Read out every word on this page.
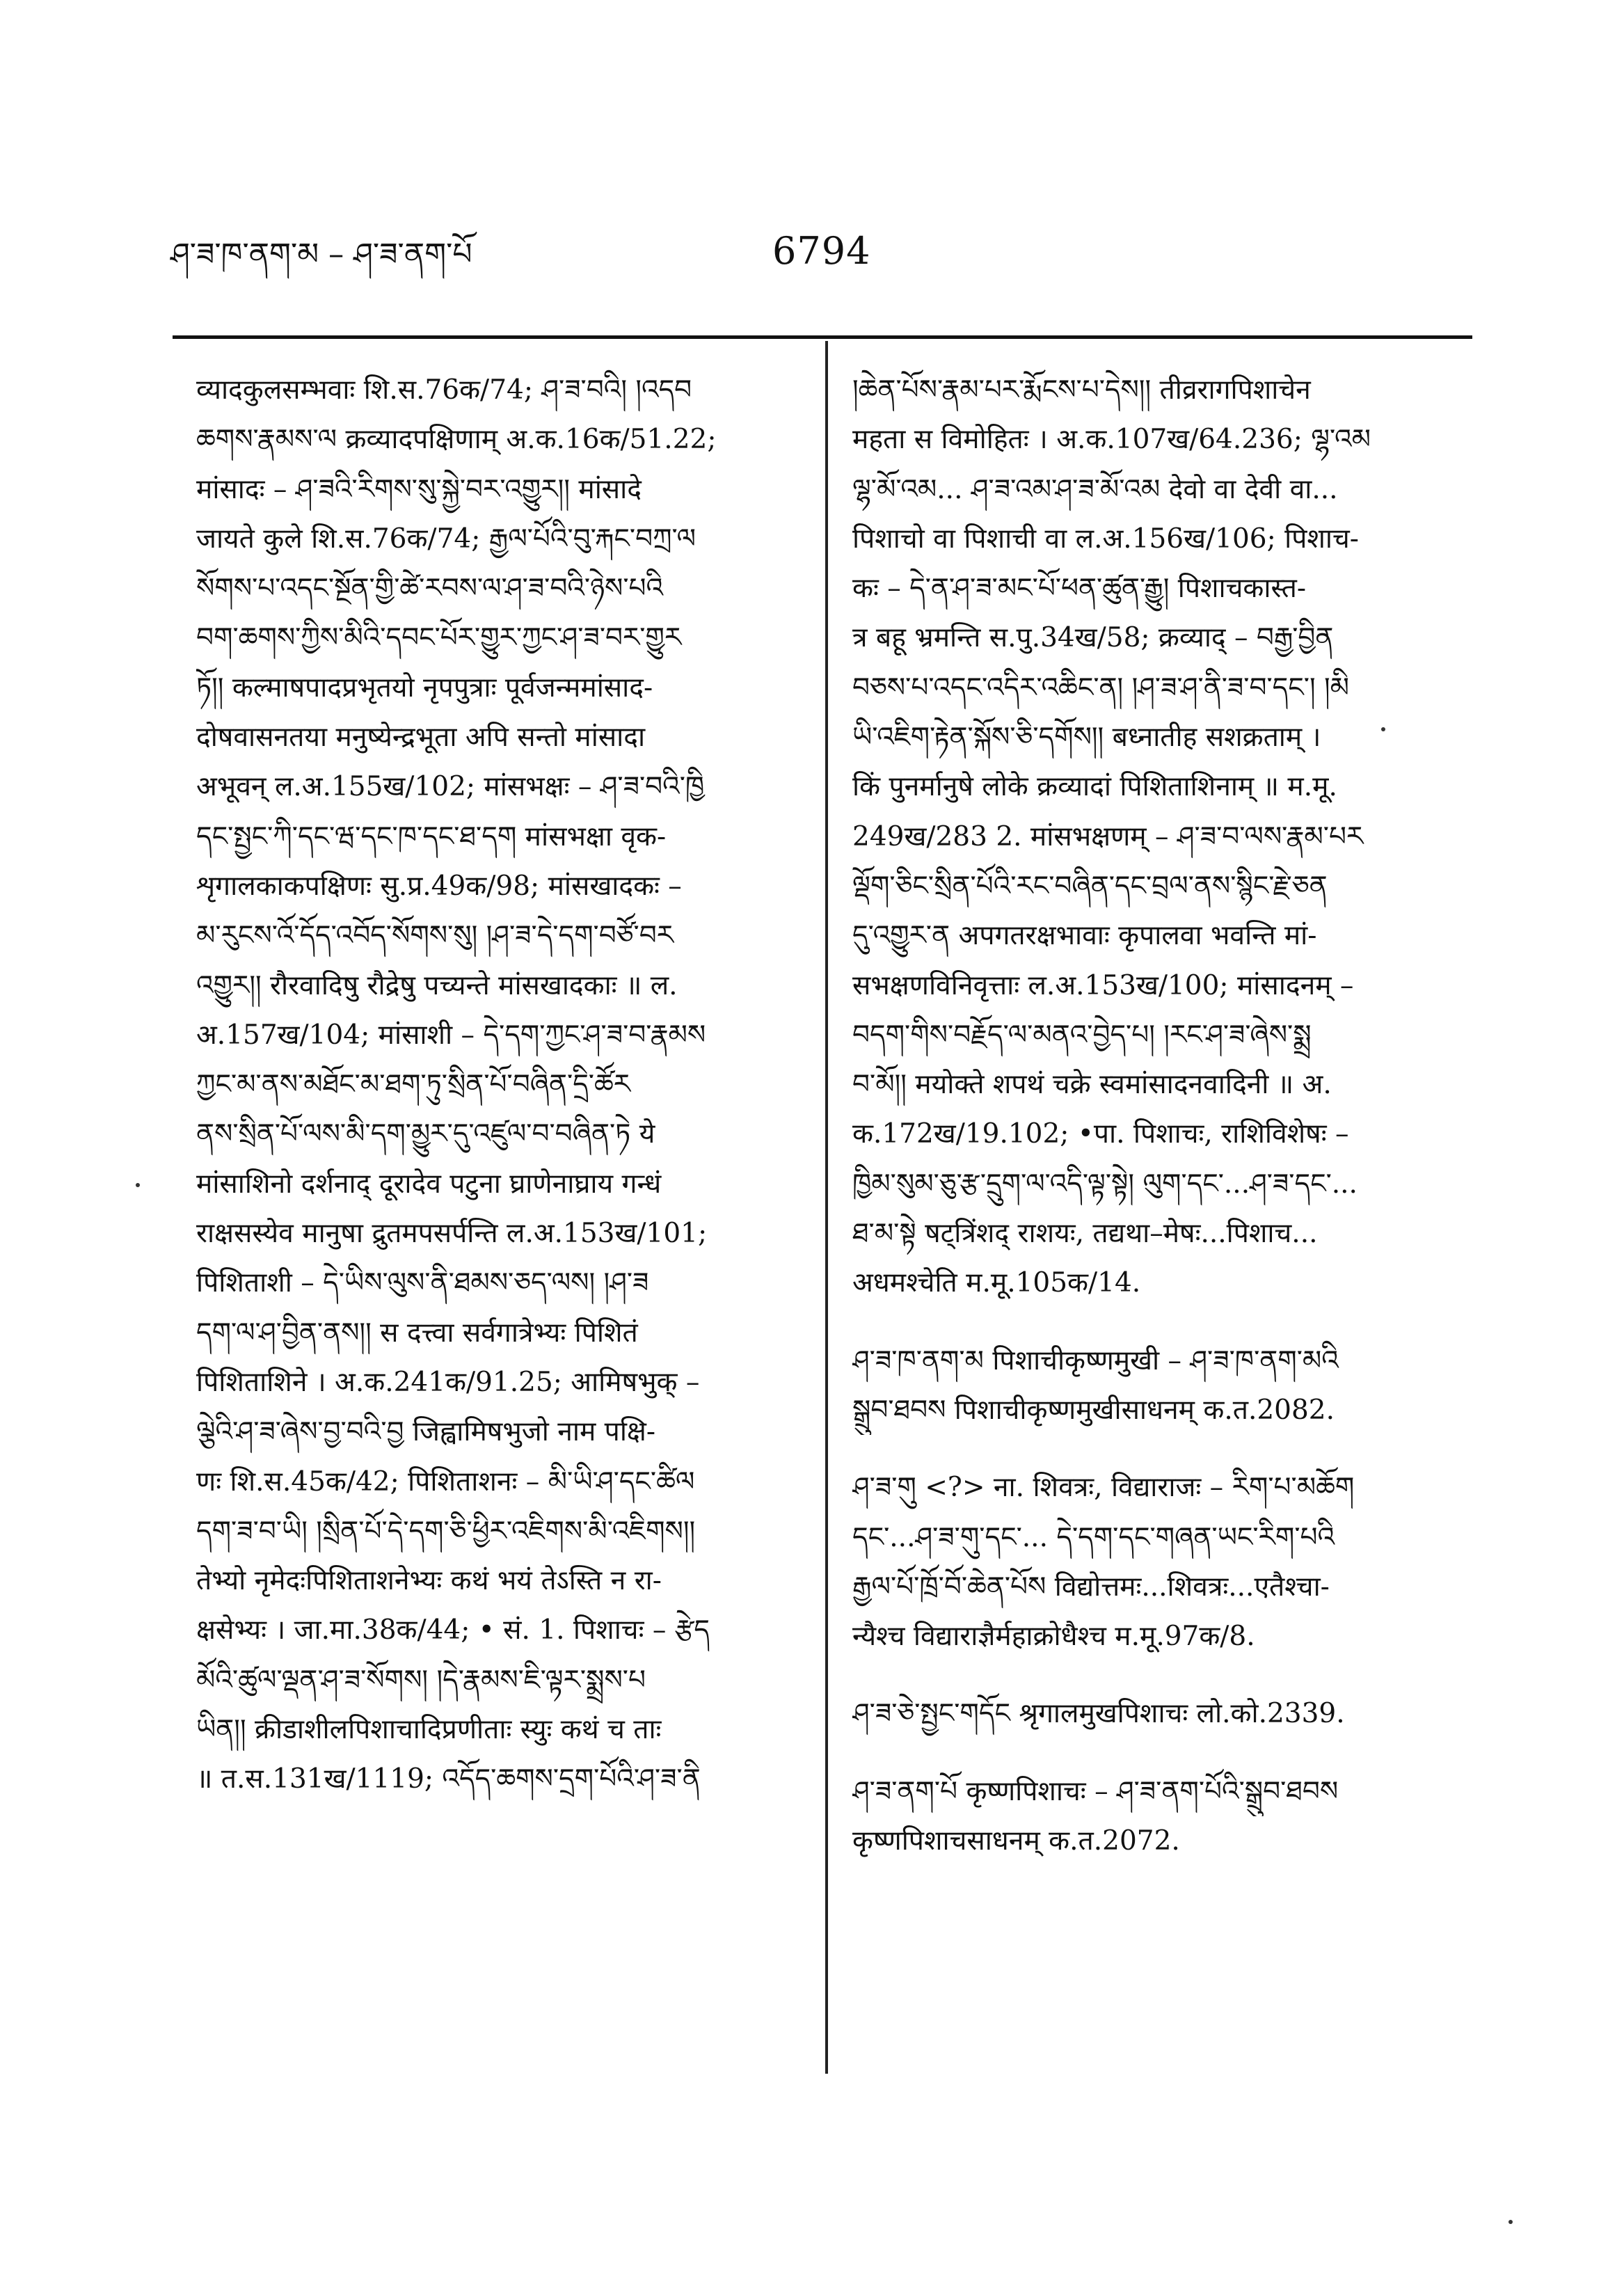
ཤ་ཟ་ཁ་ནག་མ – ཤ་ཟ་ནག་པོ	6794
व्यादकुलसम्भवाः शि.स.76क/74; ཤ་ཟ་བའི། །འདབ
ཆགས་རྣམས་ལ क्रव्यादपक्षिणाम् अ.क.16क/51.22;
मांसादः – ཤ་ཟའི་རིགས་སུ་སྐྱེ་བར་འགྱུར།། मांसादे
जायते कुले शि.स.76क/74; རྒྱལ་པོའི་བུ་རྐང་བཀྲ་ལ
སོགས་པ་འདང་སྔོན་གྱི་ཚེ་རབས་ལ་ཤ་ཟ་བའི་ཉེས་པའི
བག་ཆགས་ཀྱིས་མིའི་དབང་པོར་གྱུར་ཀྱང་ཤ་ཟ་བར་གྱུར
ཏོ།། कल्माषपादप्रभृतयो नृपपुत्राः पूर्वजन्ममांसाद-
दोषवासनतया मनुष्येन्द्रभूता अपि सन्तो मांसादा
अभूवन् ल.अ.155ख/102; मांसभक्षः – ཤ་ཟ་བའི་ཁྱི
དང་སྤྱང་ཀི་དང་ཝ་དང་ཁ་དང་ཐ་དག मांसभक्षा वृक-
शृगालकाकपक्षिणः सु.प्र.49क/98; मांसखादकः –
མ་རུངས་འོ་དོད་འབོད་སོགས་སུ། །ཤ་ཟ་དེ་དག་བཙོ་བར
འགྱུར།། रौरवादिषु रौद्रेषु पच्यन्ते मांसखादकाः ॥ ल.
अ.157ख/104; मांसाशी – དེ་དག་ཀྱང་ཤ་ཟ་བ་རྣམས
ཀྱང་མ་ནས་མཐོང་མ་ཐག་ཏུ་སྲིན་པོ་བཞིན་དྲི་ཚོར
ནས་སྲིན་པོ་ལས་མི་དག་མྱུར་དུ་འཛུལ་བ་བཞིན་ཏེ ये
मांसाशिनो दर्शनाद् दूरादेव पटुना घ्राणेनाघ्राय गन्धं
राक्षसस्येव मानुषा द्रुतमपसर्पन्ति ल.अ.153ख/101;
पिशिताशी – དེ་ཡིས་ལུས་ནི་ཐམས་ཅད་ལས། །ཤ་ཟ
དག་ལ་ཤ་བྱིན་ནས།། स दत्त्वा सर्वगात्रेभ्यः पिशितं
पिशिताशिने । अ.क.241क/91.25; आमिषभुक् –
ལྕེའི་ཤ་ཟ་ཞེས་བྱ་བའི་བྱ जिह्वामिषभुजो नाम पक्षि-
णः शि.स.45क/42; पिशिताशनः – མི་ཡི་ཤ་དང་ཚིལ
དག་ཟ་བ་ཡི། །སྲིན་པོ་དེ་དག་ཅི་ཕྱིར་འཇིགས་མི་འཇིགས།།
तेभ्यो नृमेदःपिशिताशनेभ्यः कथं भयं तेऽस्ति न रा-
क्षसेभ्यः । जा.मा.38क/44; • सं. 1. पिशाचः – རྩེད
མོའི་ཚུལ་ལྡན་ཤ་ཟ་སོགས། །དེ་རྣམས་ཇི་ལྟར་སྨྲས་པ
ཡིན།། क्रीडाशीलपिशाचादिप्रणीताः स्युः कथं च ताः
॥ त.स.131ख/1119; འདོད་ཆགས་དྲག་པོའི་ཤ་ཟ་ནི
།ཆེན་པོས་རྣམ་པར་རྨོངས་པ་དེས།། तीव्ररागपिशाचेन
महता स विमोहितः । अ.क.107ख/64.236; ལྷ་འམ
ལྷ་མོ་འམ... ཤ་ཟ་འམ་ཤ་ཟ་མོ་འམ देवो वा देवी वा...
पिशाचो वा पिशाची वा ल.अ.156ख/106; पिशाच-
कः – དེ་ན་ཤ་ཟ་མང་པོ་ཕན་ཚུན་རྒྱུ། पिशाचकास्त-
त्र बहू भ्रमन्ति स.पु.34ख/58; क्रव्याद् – བརྒྱ་བྱིན
བཅས་པ་འདང་འདིར་འཆིང་ན། །ཤ་ཟ་ཤ་ནི་ཟ་བ་དང་། །མི
ཡི་འཇིག་རྟེན་སྐོས་ཅི་དགོས།། बध्नातीह सशक्रताम् ।
किं पुनर्मानुषे लोके क्रव्यादां पिशिताशिनाम् ॥ म.मू.
249ख/283 2. मांसभक्षणम् – ཤ་ཟ་བ་ལས་རྣམ་པར
ལྡོག་ཅིང་སྲིན་པོའི་རང་བཞིན་དང་བྲལ་ནས་སྙིང་རྗེ་ཅན
དུ་འགྱུར་ན अपगतरक्षभावाः कृपालवा भवन्ति मां-
सभक्षणविनिवृत्ताः ल.अ.153ख/100; मांसादनम् –
བདག་གིས་བརྗོད་ལ་མནའ་བྱེད་པ། །རང་ཤ་ཟ་ཞེས་སྨྲ
བ་མོ།། मयोक्ते शपथं चक्रे स्वमांसादनवादिनी ॥ अ.
क.172ख/19.102; •पा. पिशाचः, राशिविशेषः –
ཁྱིམ་སུམ་ཅུ་རྩ་དྲུག་ལ་འདི་ལྟ་སྟེ། ལུག་དང་...ཤ་ཟ་དང་...
ཐ་མ་སྟེ षट्त्रिंशद् राशयः, तद्यथा–मेषः...पिशाच...
अधमश्चेति म.मू.105क/14.
ཤ་ཟ་ཁ་ནག་མ पिशाचीकृष्णमुखी – ཤ་ཟ་ཁ་ནག་མའི
སྒྲུབ་ཐབས पिशाचीकृष्णमुखीसाधनम् क.त.2082.
ཤ་ཟ་གུ <?> ना. शिवत्रः, विद्याराजः – རིག་པ་མཆོག
དང་...ཤ་ཟ་གུ་དང་... དེ་དག་དང་གཞན་ཡང་རིག་པའི
རྒྱལ་པོ་ཁྲོ་བོ་ཆེན་པོས विद्योत्तमः...शिवत्रः...एतैश्चा-
न्यैश्च विद्याराज्ञैर्महाक्रोधैश्च म.मू.97क/8.
ཤ་ཟ་ཅེ་སྤྱང་གདོང श्रृगालमुखपिशाचः लो.को.2339.
ཤ་ཟ་ནག་པོ कृष्णपिशाचः – ཤ་ཟ་ནག་པོའི་སྒྲུབ་ཐབས
कृष्णपिशाचसाधनम् क.त.2072.
